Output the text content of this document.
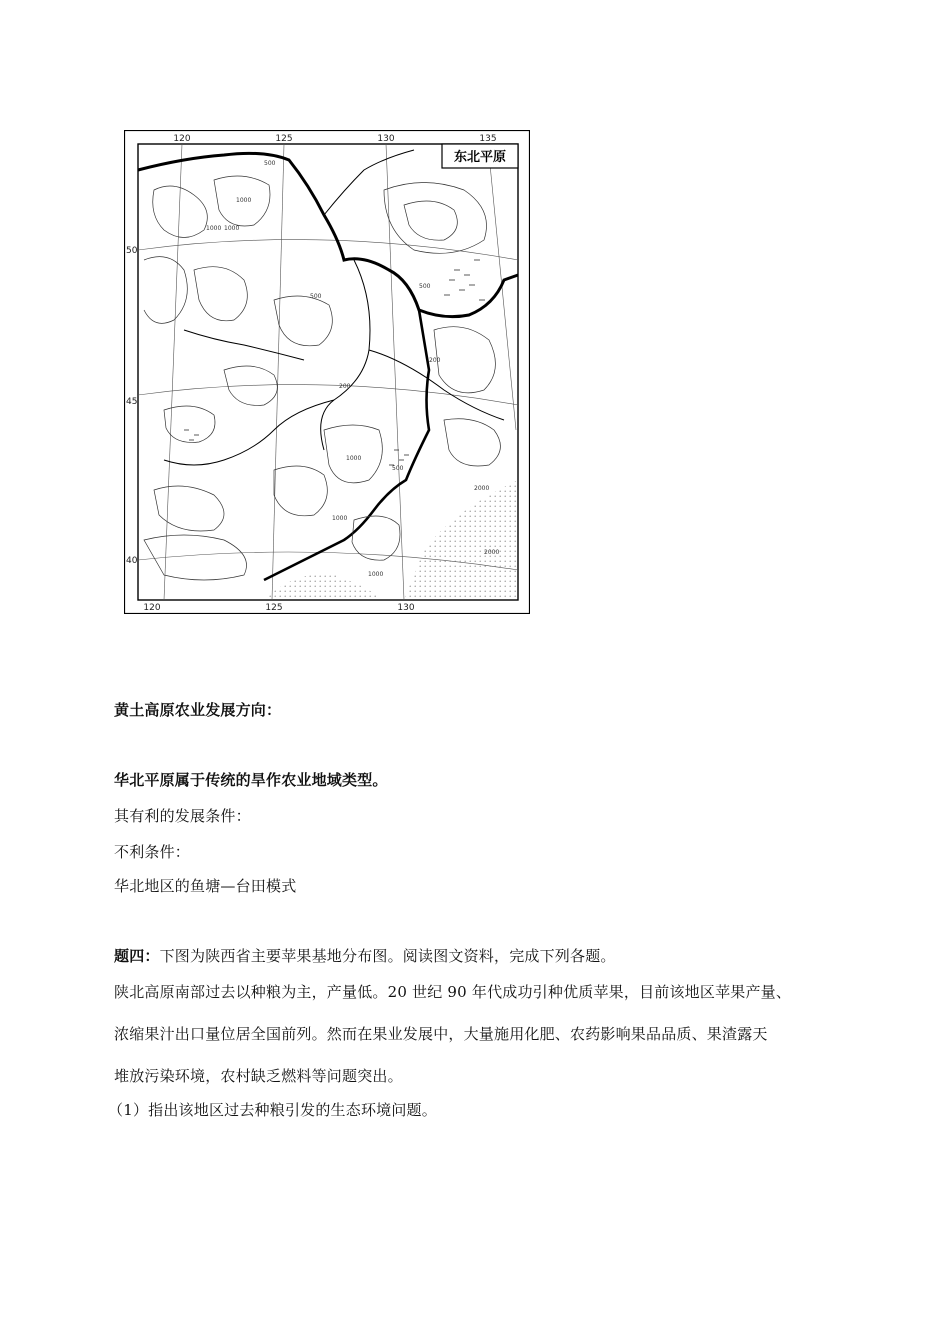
东北平原
120	125	130	135
120	125	130
50
45
40
500
1000
1000 1000
500
500
200
200
1000
1000
500
2000
2000
1000
黄土高原农业发展方向：
华北平原属于传统的旱作农业地域类型。
其有利的发展条件：
不利条件：
华北地区的鱼塘—台田模式
题四：下图为陕西省主要苹果基地分布图。阅读图文资料，完成下列各题。
陕北高原南部过去以种粮为主，产量低。20 世纪 90 年代成功引种优质苹果，目前该地区苹果产量、
浓缩果汁出口量位居全国前列。然而在果业发展中，大量施用化肥、农药影响果品品质、果渣露天
堆放污染环境，农村缺乏燃料等问题突出。
（1）指出该地区过去种粮引发的生态环境问题。
